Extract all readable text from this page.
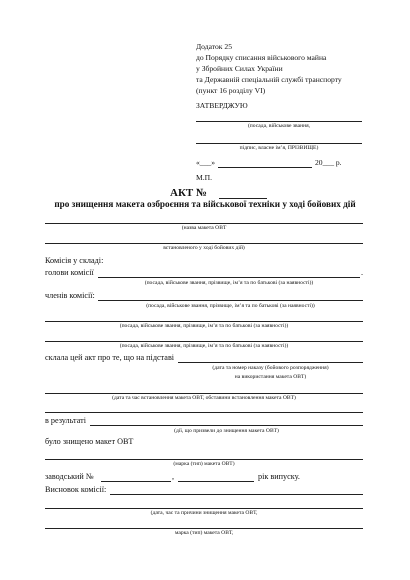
Додаток 25
до Порядку списання військового майна
у Збройних Силах України
та Державній спеціальній службі транспорту
(пункт 16 розділу VI)
ЗАТВЕРДЖУЮ
(посада, військове звання,
підпис, власне ім’я, ПРІЗВИЩЕ)
«___»	20___ р.
М.П.
АКТ №
про знищення макета озброєння та військової техніки у ході бойових дій
(назва макета ОВТ
встановленого у ході бойових дій)
Комісія у складі:
голови комісії	.
(посада, військове звання, прізвище, ім’я та по батькові (за наявності))
членів комісії:
(посада, військове звання, прізвище, ім’я та по батькові (за наявності))
(посада, військове звання, прізвище, ім’я та по батькові (за наявності))
(посада, військове звання, прізвище, ім’я та по батькові (за наявності))
склала цей акт про те, що на підставі
(дата та номер наказу (бойового розпорядження)
на використання макета ОВТ)
(дата та час встановлення макета ОВТ, обставини встановлення макета ОВТ)
в результаті
(дії, що призвели до знищення макета ОВТ)
було знищено макет ОВТ
(марка (тип) макета ОВТ)
заводський №	,	рік випуску.
Висновок комісії:
(дата, час та причини знищення макета ОВТ,
марка (тип) макета ОВТ,
